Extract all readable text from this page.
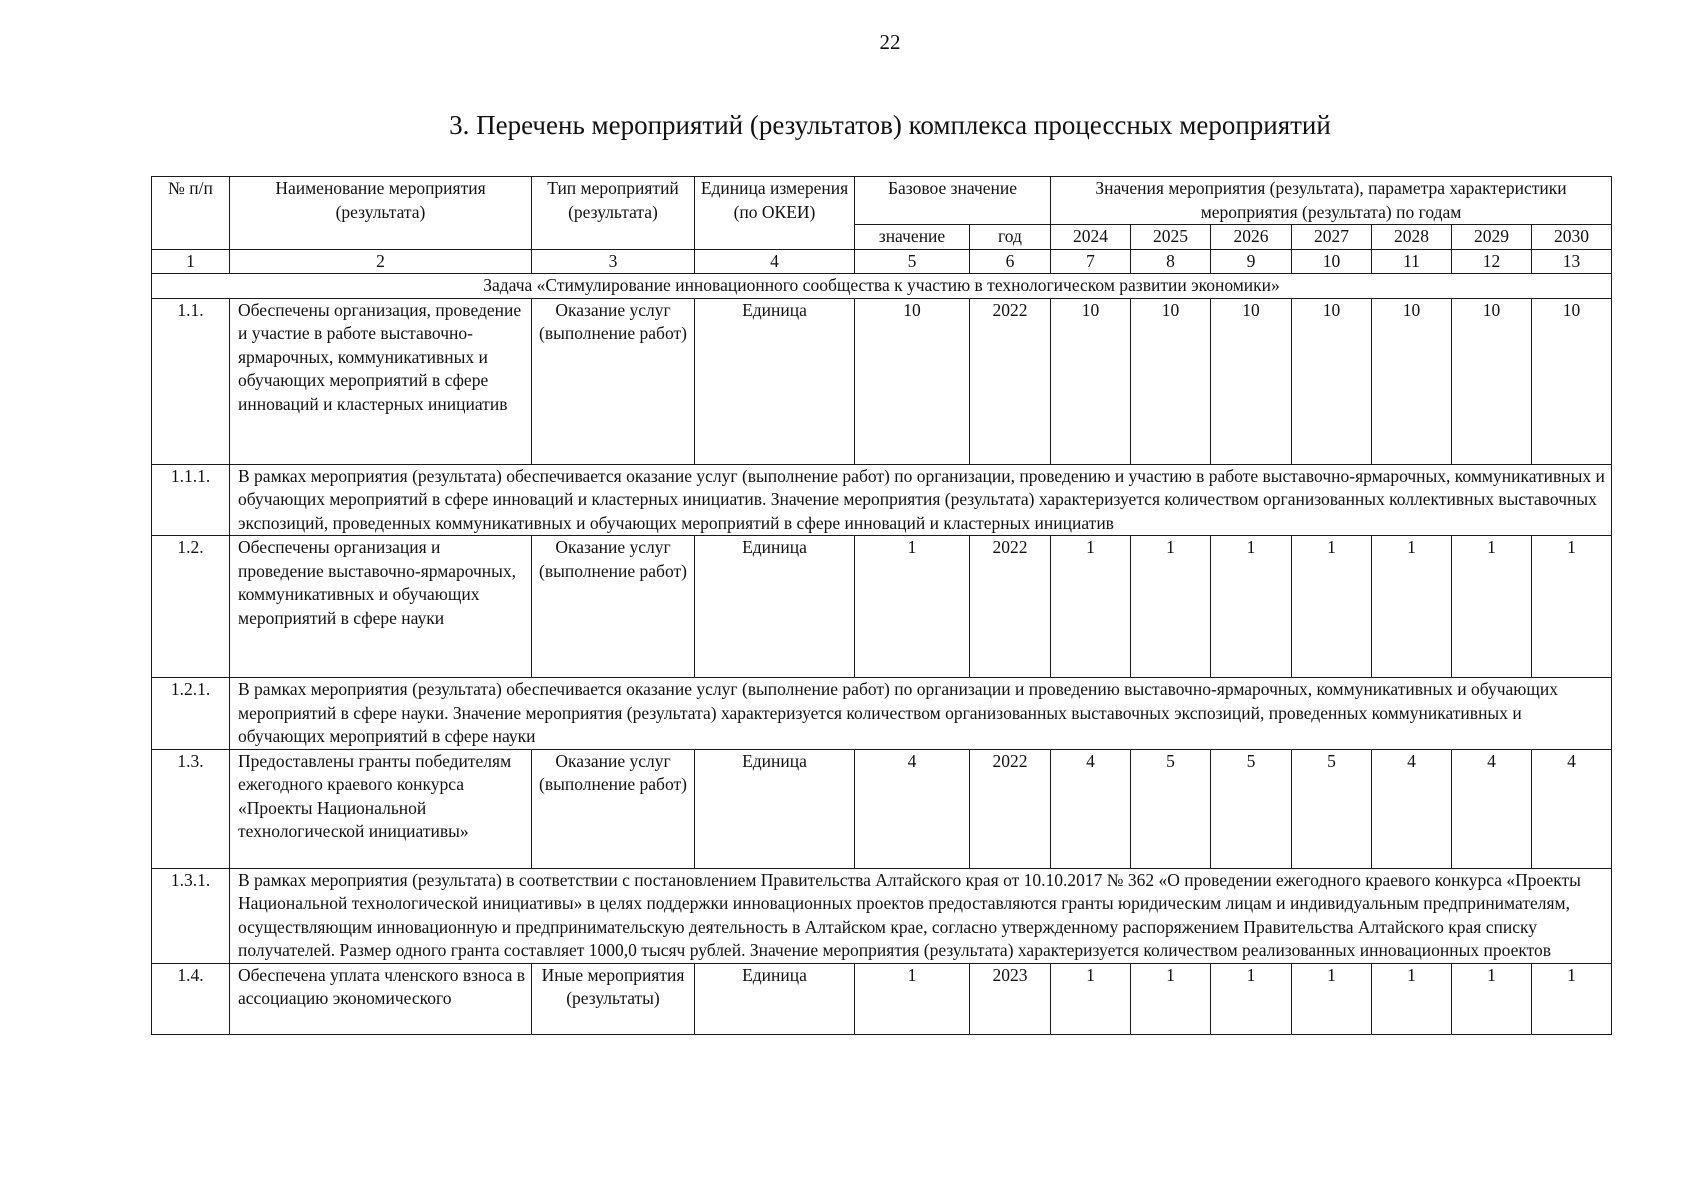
22
3. Перечень мероприятий (результатов) комплекса процессных мероприятий
№ п/п	Наименование мероприятия (результата)	Тип мероприятий (результата)	Единица измерения (по ОКЕИ)	Базовое значение		Значения мероприятия (результата), параметра характеристики мероприятия (результата) по годам						
				значение	год	2024	2025	2026	2027	2028	2029	2030
1	2	3	4	5	6	7	8	9	10	11	12	13
Задача «Стимулирование инновационного сообщества к участию в технологическом развитии экономики»												
1.1.	Обеспечены организация, проведение и участие в работе выставочно-ярмарочных, коммуникативных и обучающих мероприятий в сфере инноваций и кластерных инициатив	Оказание услуг (выполнение работ)	Единица	10	2022	10	10	10	10	10	10	10
1.1.1.	В рамках мероприятия (результата) обеспечивается оказание услуг (выполнение работ) по организации, проведению и участию в работе выставочно-ярмарочных, коммуникативных и обучающих мероприятий в сфере инноваций и кластерных инициатив. Значение мероприятия (результата) характеризуется количеством организованных коллективных выставочных экспозиций, проведенных коммуникативных и обучающих мероприятий в сфере инноваций и кластерных инициатив											
1.2.	Обеспечены организация и проведение выставочно-ярмарочных, коммуникативных и обучающих мероприятий в сфере науки	Оказание услуг (выполнение работ)	Единица	1	2022	1	1	1	1	1	1	1
1.2.1.	В рамках мероприятия (результата) обеспечивается оказание услуг (выполнение работ) по организации и проведению выставочно-ярмарочных, коммуникативных и обучающих мероприятий в сфере науки. Значение мероприятия (результата) характеризуется количеством организованных выставочных экспозиций, проведенных коммуникативных и обучающих мероприятий в сфере науки											
1.3.	Предоставлены гранты победителям ежегодного краевого конкурса «Проекты Национальной технологической инициативы»	Оказание услуг (выполнение работ)	Единица	4	2022	4	5	5	5	4	4	4
1.3.1.	В рамках мероприятия (результата) в соответствии с постановлением Правительства Алтайского края от 10.10.2017 № 362 «О проведении ежегодного краевого конкурса «Проекты Национальной технологической инициативы» в целях поддержки инновационных проектов предоставляются гранты юридическим лицам и индивидуальным предпринимателям, осуществляющим инновационную и предпринимательскую деятельность в Алтайском крае, согласно утвержденному распоряжением Правительства Алтайского края списку получателей. Размер одного гранта составляет 1000,0 тысяч рублей. Значение мероприятия (результата) характеризуется количеством реализованных инновационных проектов											
1.4.	Обеспечена уплата членского взноса в ассоциацию экономического	Иные мероприятия (результаты)	Единица	1	2023	1	1	1	1	1	1	1
